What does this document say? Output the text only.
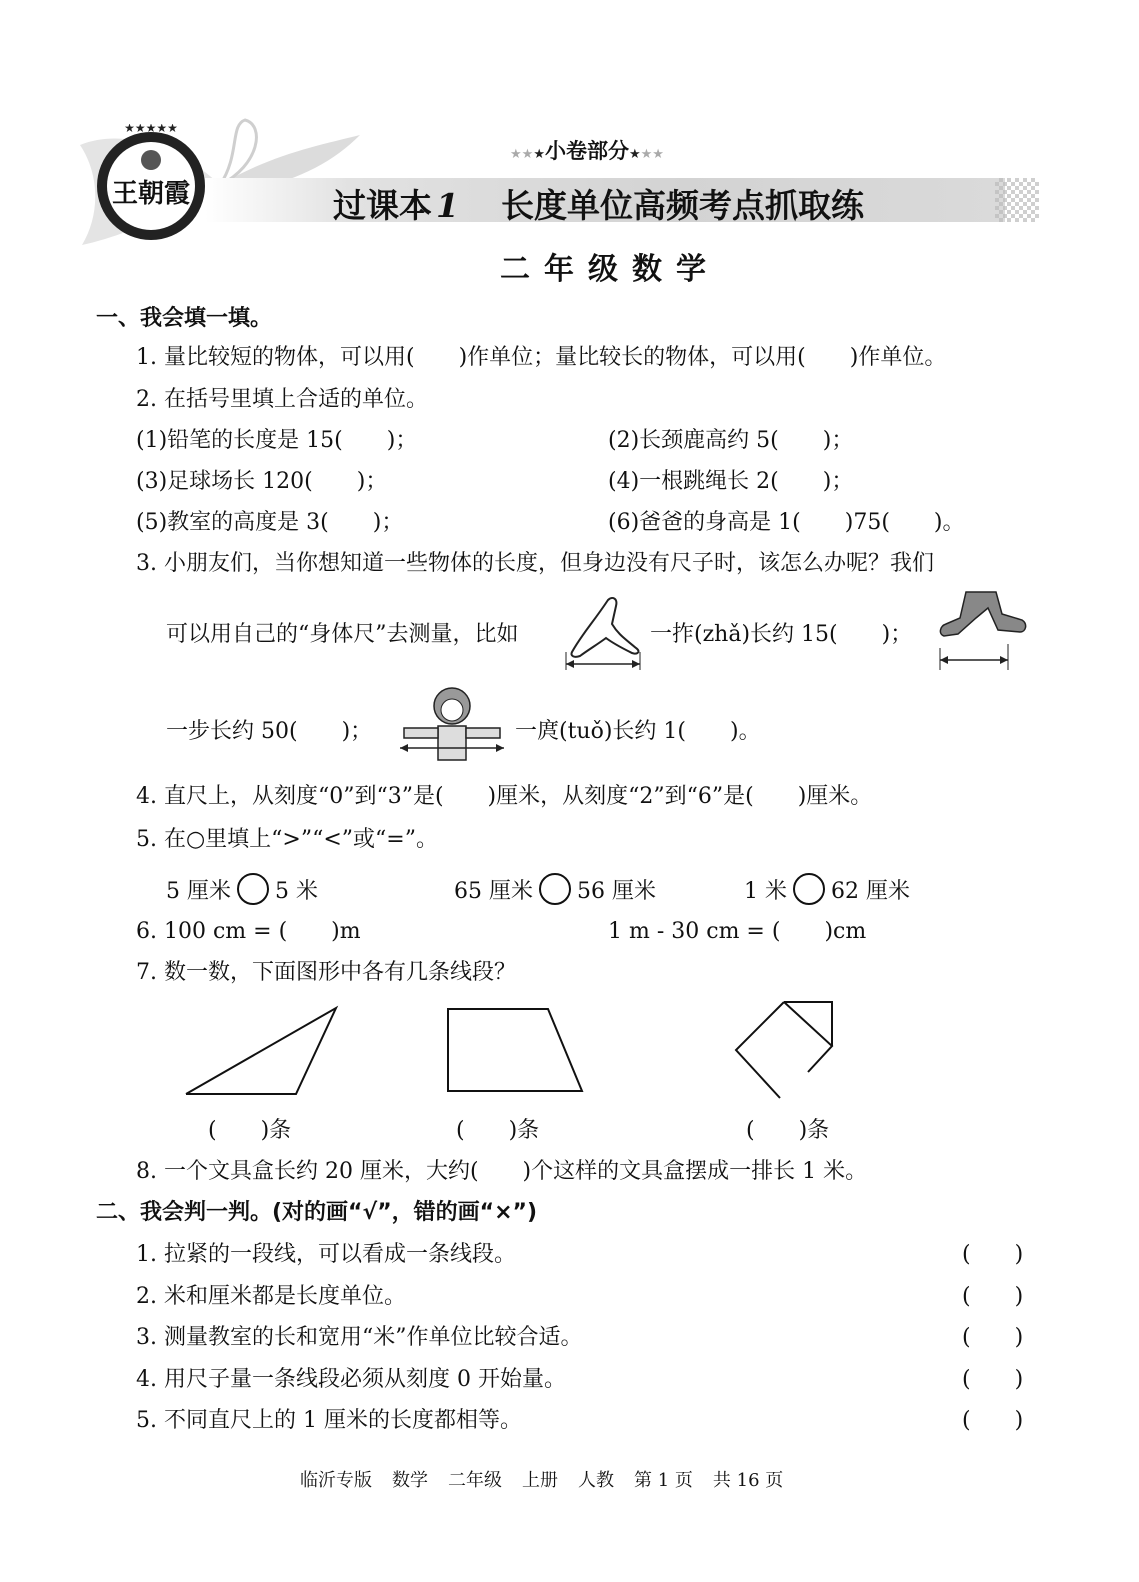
★★★★★
王朝霞
★★★小卷部分★★★
过课本 1 长度单位高频考点抓取练
二年级数学
一、我会填一填。
1. 量比较短的物体，可以用(　　)作单位；量比较长的物体，可以用(　　)作单位。
2. 在括号里填上合适的单位。
(1)铅笔的长度是 15(　　)；	(2)长颈鹿高约 5(　　)；
(3)足球场长 120(　　)；	(4)一根跳绳长 2(　　)；
(5)教室的高度是 3(　　)；	(6)爸爸的身高是 1(　　)75(　　)。
3. 小朋友们，当你想知道一些物体的长度，但身边没有尺子时，该怎么办呢？我们
可以用自己的“身体尺”去测量，比如	一拃(zhǎ)长约 15(　　)；
一步长约 50(　　)；	一庹(tuǒ)长约 1(　　)。
4. 直尺上，从刻度“0”到“3”是(　　)厘米，从刻度“2”到“6”是(　　)厘米。
5. 在○里填上“>”“<”或“=”。
5 厘米 5 米	65 厘米 56 厘米	1 米 62 厘米
6. 100 cm = (　　)m	1 m - 30 cm = (　　)cm
7. 数一数，下面图形中各有几条线段？
(　　)条	(　　)条	(　　)条
8. 一个文具盒长约 20 厘米，大约(　　)个这样的文具盒摆成一排长 1 米。
二、我会判一判。(对的画“√”，错的画“×”)
1. 拉紧的一段线，可以看成一条线段。	(　　)
2. 米和厘米都是长度单位。	(　　)
3. 测量教室的长和宽用“米”作单位比较合适。	(　　)
4. 用尺子量一条线段必须从刻度 0 开始量。	(　　)
5. 不同直尺上的 1 厘米的长度都相等。	(　　)
临沂专版 数学 二年级 上册 人教 第 1 页 共 16 页
